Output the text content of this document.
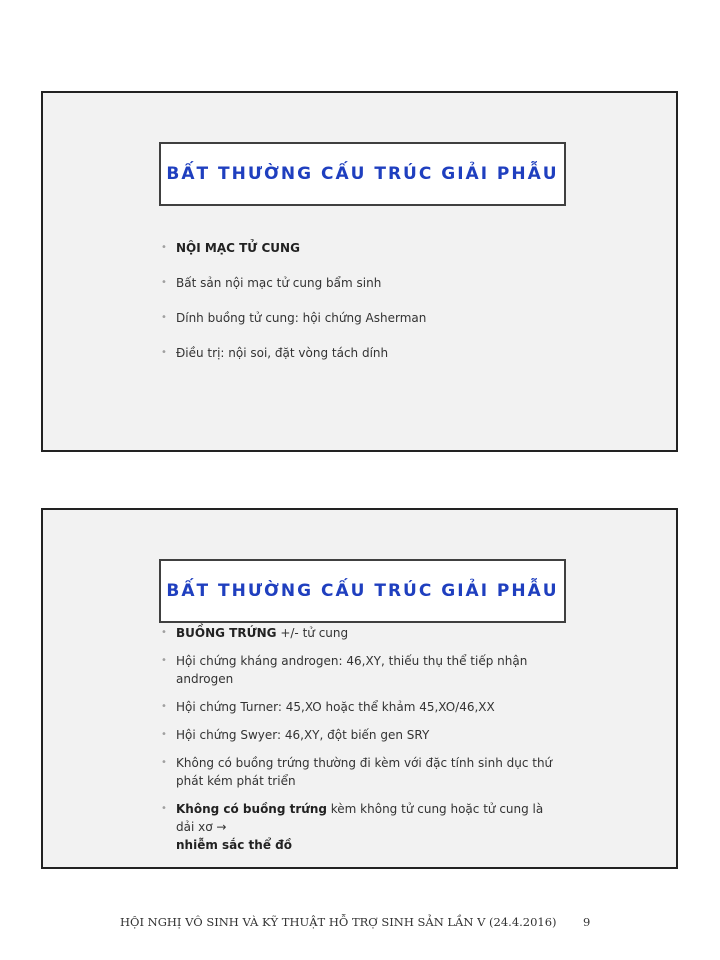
BẤT THƯỜNG CẤU TRÚC GIẢI PHẪU
• NỘI MẠC TỬ CUNG
• Bất sản nội mạc tử cung bẩm sinh
• Dính buồng tử cung: hội chứng Asherman
• Điều trị: nội soi, đặt vòng tách dính
BẤT THƯỜNG CẤU TRÚC GIẢI PHẪU
• BUỒNG TRỨNG +/- tử cung
• Hội chứng kháng androgen: 46,XY, thiếu thụ thể tiếp nhận androgen
• Hội chứng Turner: 45,XO hoặc thể khảm 45,XO/46,XX
• Hội chứng Swyer: 46,XY, đột biến gen SRY
• Không có buồng trứng thường đi kèm với đặc tính sinh dục thứ phát kém phát triển
• Không có buồng trứng kèm không tử cung hoặc tử cung là dải xơ →
nhiễm sắc thể đồ
HỘI NGHỊ VÔ SINH VÀ KỸ THUẬT HỖ TRỢ SINH SẢN LẦN V (24.4.2016) 9
